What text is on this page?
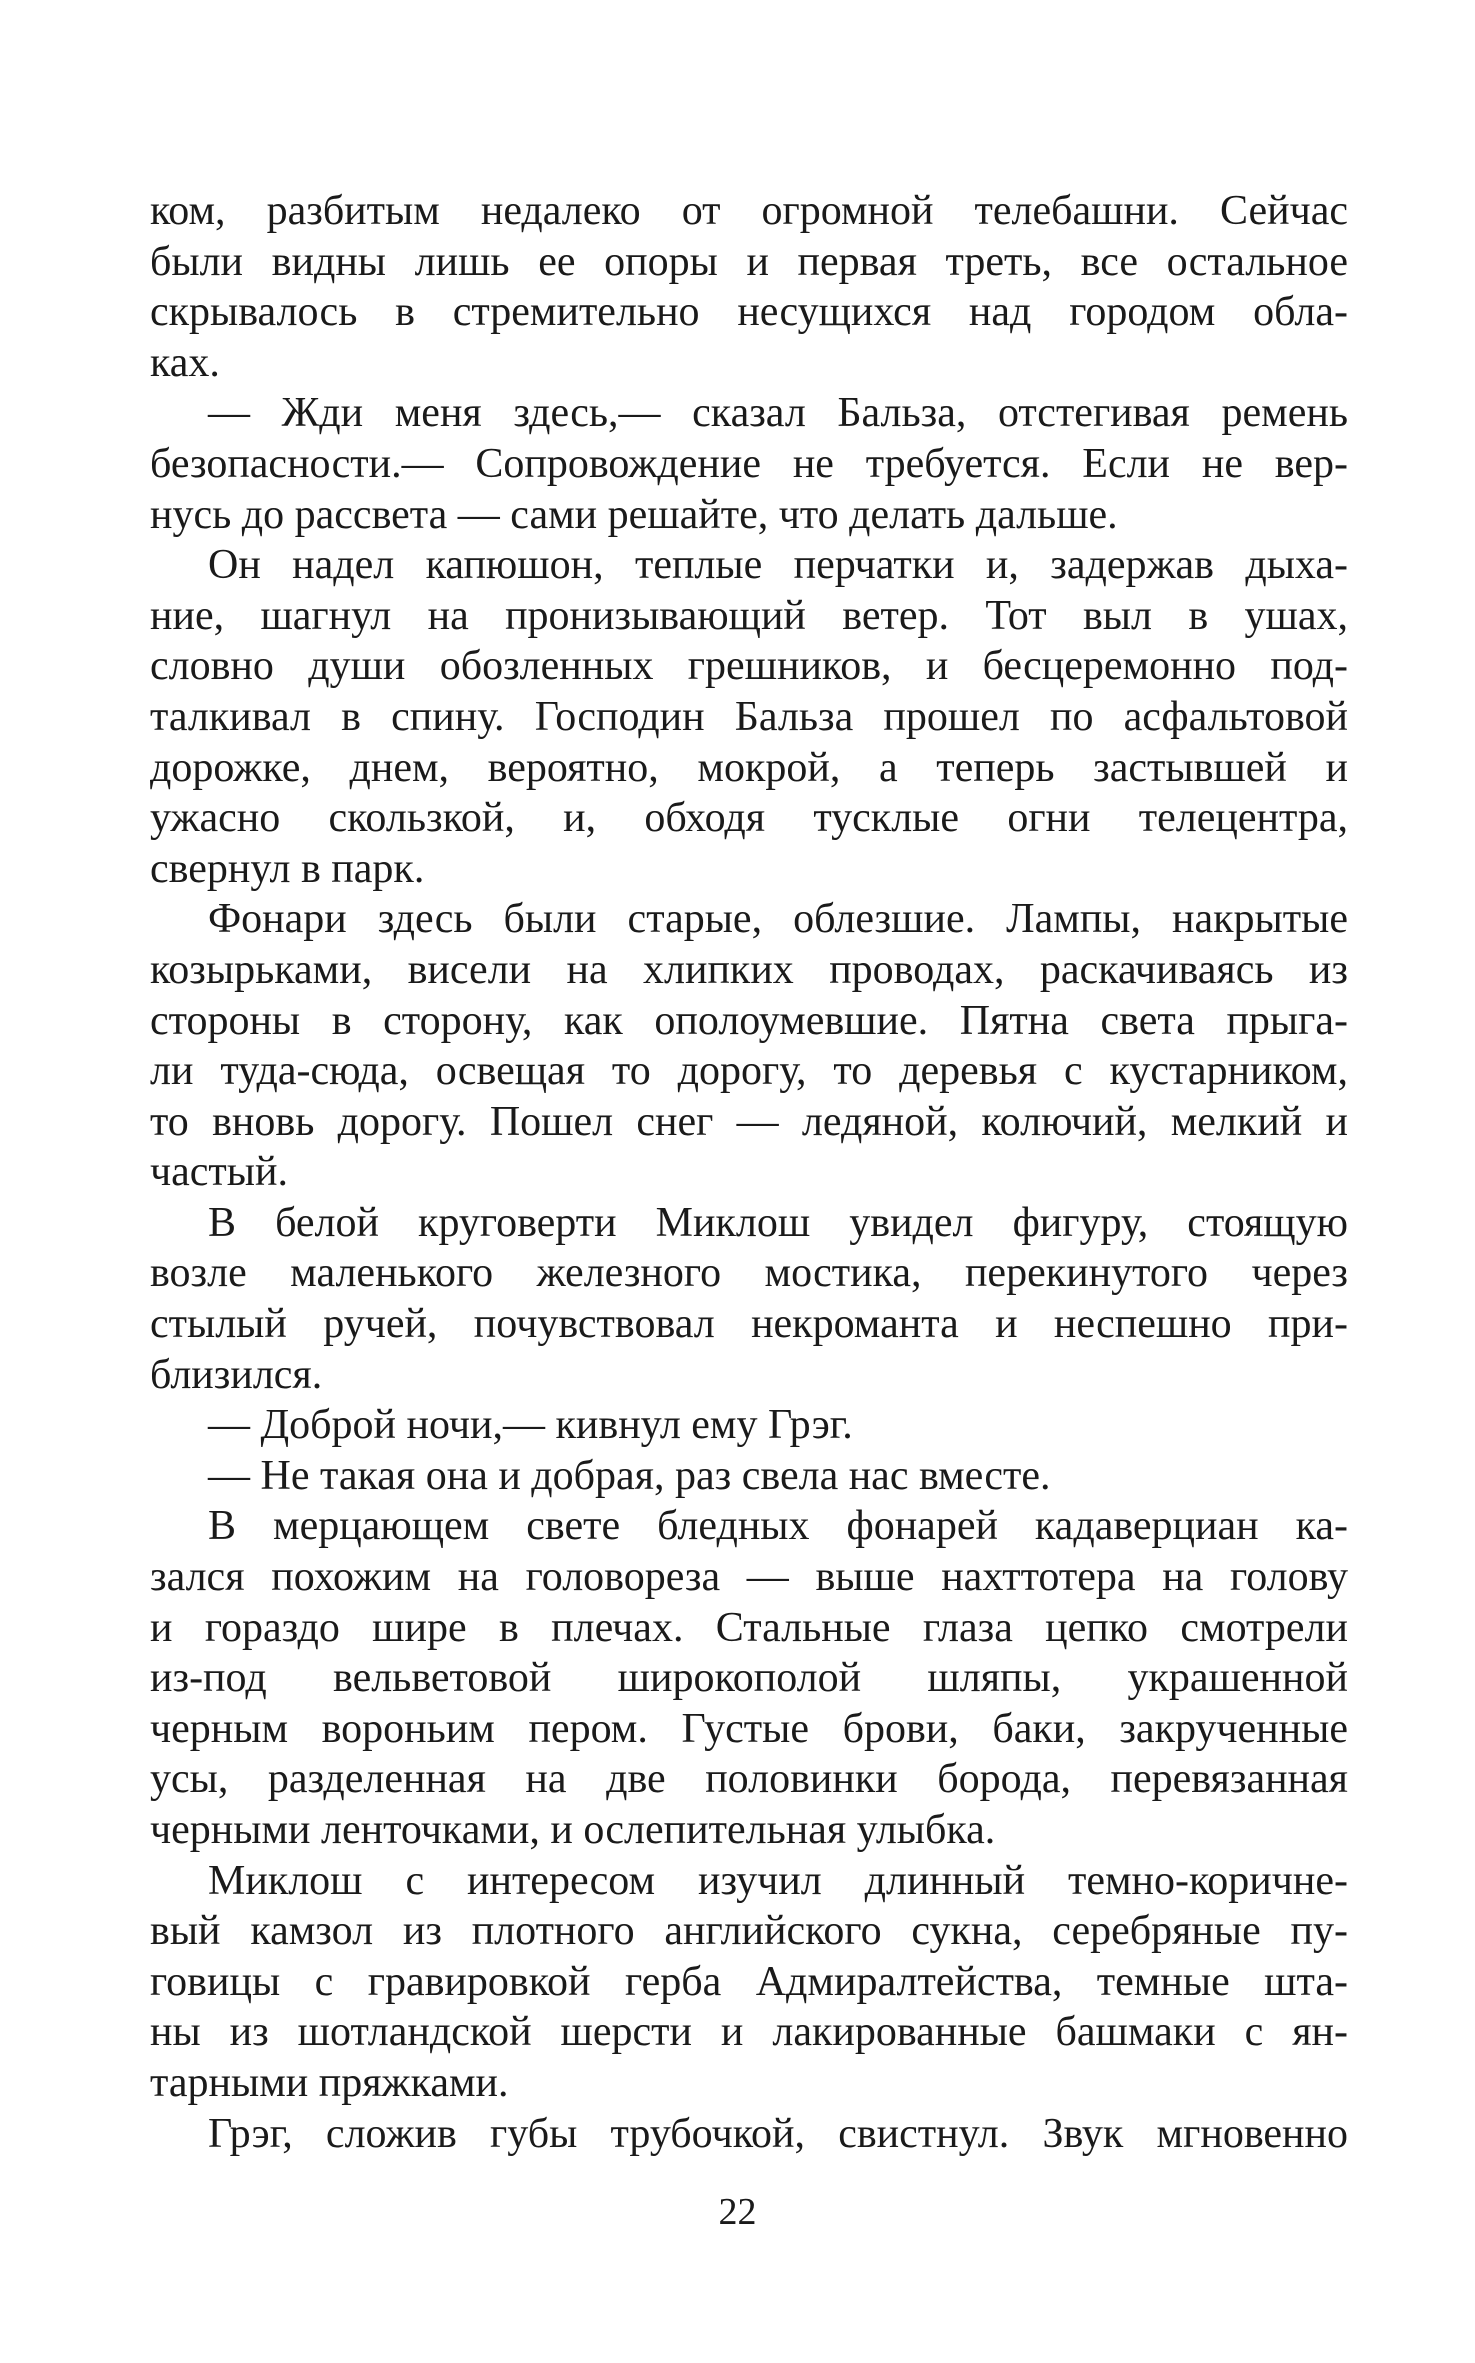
ком, разбитым недалеко от огромной телебашни. Сейчас
были видны лишь ее опоры и первая треть, все остальное
скрывалось в стремительно несущихся над городом обла-
ках.
— Жди меня здесь,— сказал Бальза, отстегивая ремень
безопасности.— Сопровождение не требуется. Если не вер-
нусь до рассвета — сами решайте, что делать дальше.
Он надел капюшон, теплые перчатки и, задержав дыха-
ние, шагнул на пронизывающий ветер. Тот выл в ушах,
словно души обозленных грешников, и бесцеремонно под-
талкивал в спину. Господин Бальза прошел по асфальтовой
дорожке, днем, вероятно, мокрой, а теперь застывшей и
ужасно скользкой, и, обходя тусклые огни телецентра,
свернул в парк.
Фонари здесь были старые, облезшие. Лампы, накрытые
козырьками, висели на хлипких проводах, раскачиваясь из
стороны в сторону, как ополоумевшие. Пятна света прыга-
ли туда-сюда, освещая то дорогу, то деревья с кустарником,
то вновь дорогу. Пошел снег — ледяной, колючий, мелкий и
частый.
В белой круговерти Миклош увидел фигуру, стоящую
возле маленького железного мостика, перекинутого через
стылый ручей, почувствовал некроманта и неспешно при-
близился.
— Доброй ночи,— кивнул ему Грэг.
— Не такая она и добрая, раз свела нас вместе.
В мерцающем свете бледных фонарей кадаверциан ка-
зался похожим на головореза — выше нахттотера на голову
и гораздо шире в плечах. Стальные глаза цепко смотрели
из-под вельветовой широкополой шляпы, украшенной
черным вороньим пером. Густые брови, баки, закрученные
усы, разделенная на две половинки борода, перевязанная
черными ленточками, и ослепительная улыбка.
Миклош с интересом изучил длинный темно-коричне-
вый камзол из плотного английского сукна, серебряные пу-
говицы с гравировкой герба Адмиралтейства, темные шта-
ны из шотландской шерсти и лакированные башмаки с ян-
тарными пряжками.
Грэг, сложив губы трубочкой, свистнул. Звук мгновенно
22
